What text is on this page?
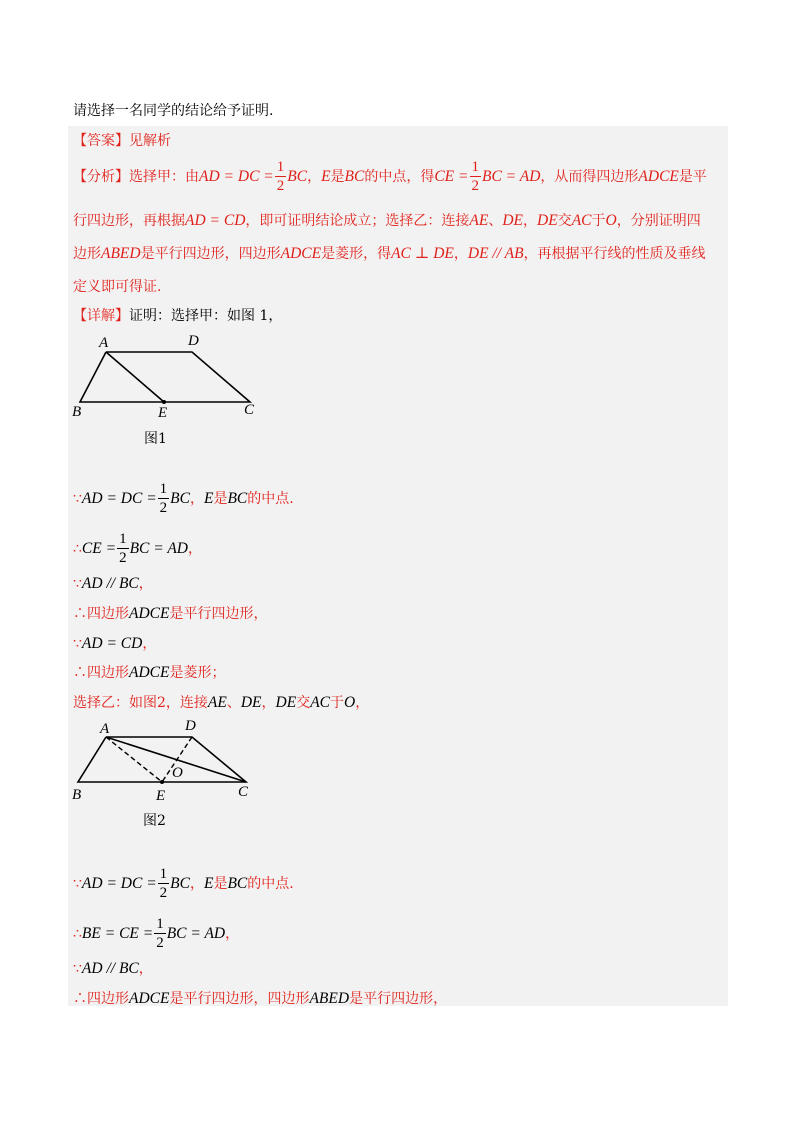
请选择一名同学的结论给予证明.
【答案】见解析
【分析】选择甲：由AD = DC = $\frac{1}{2}$ BC，E是BC的中点，得CE = $\frac{1}{2}$ BC = AD，从而得四边形ADCE是平
行四边形，再根据AD = CD，即可证明结论成立；选择乙：连接AE、DE，DE交AC于O，分别证明四
边形ABED是平行四边形，四边形ADCE是菱形，得AC ⊥ DE，DE // AB，再根据平行线的性质及垂线
定义即可得证.
【详解】证明：选择甲：如图 1，
A	D
B	E	C
图1
∵AD = DC = $\frac{1}{2}$ BC，E是BC的中点.
∴CE = $\frac{1}{2}$ BC = AD，
∵AD // BC，
∴四边形ADCE是平行四边形，
∵AD = CD，
∴四边形ADCE是菱形；
选择乙：如图2，连接AE、DE，DE交AC于O，
A	D
O
B	E	C
图2
∵AD = DC = $\frac{1}{2}$ BC，E是BC的中点.
∴BE = CE = $\frac{1}{2}$ BC = AD，
∵AD // BC，
∴四边形ADCE是平行四边形，四边形ABED是平行四边形，
